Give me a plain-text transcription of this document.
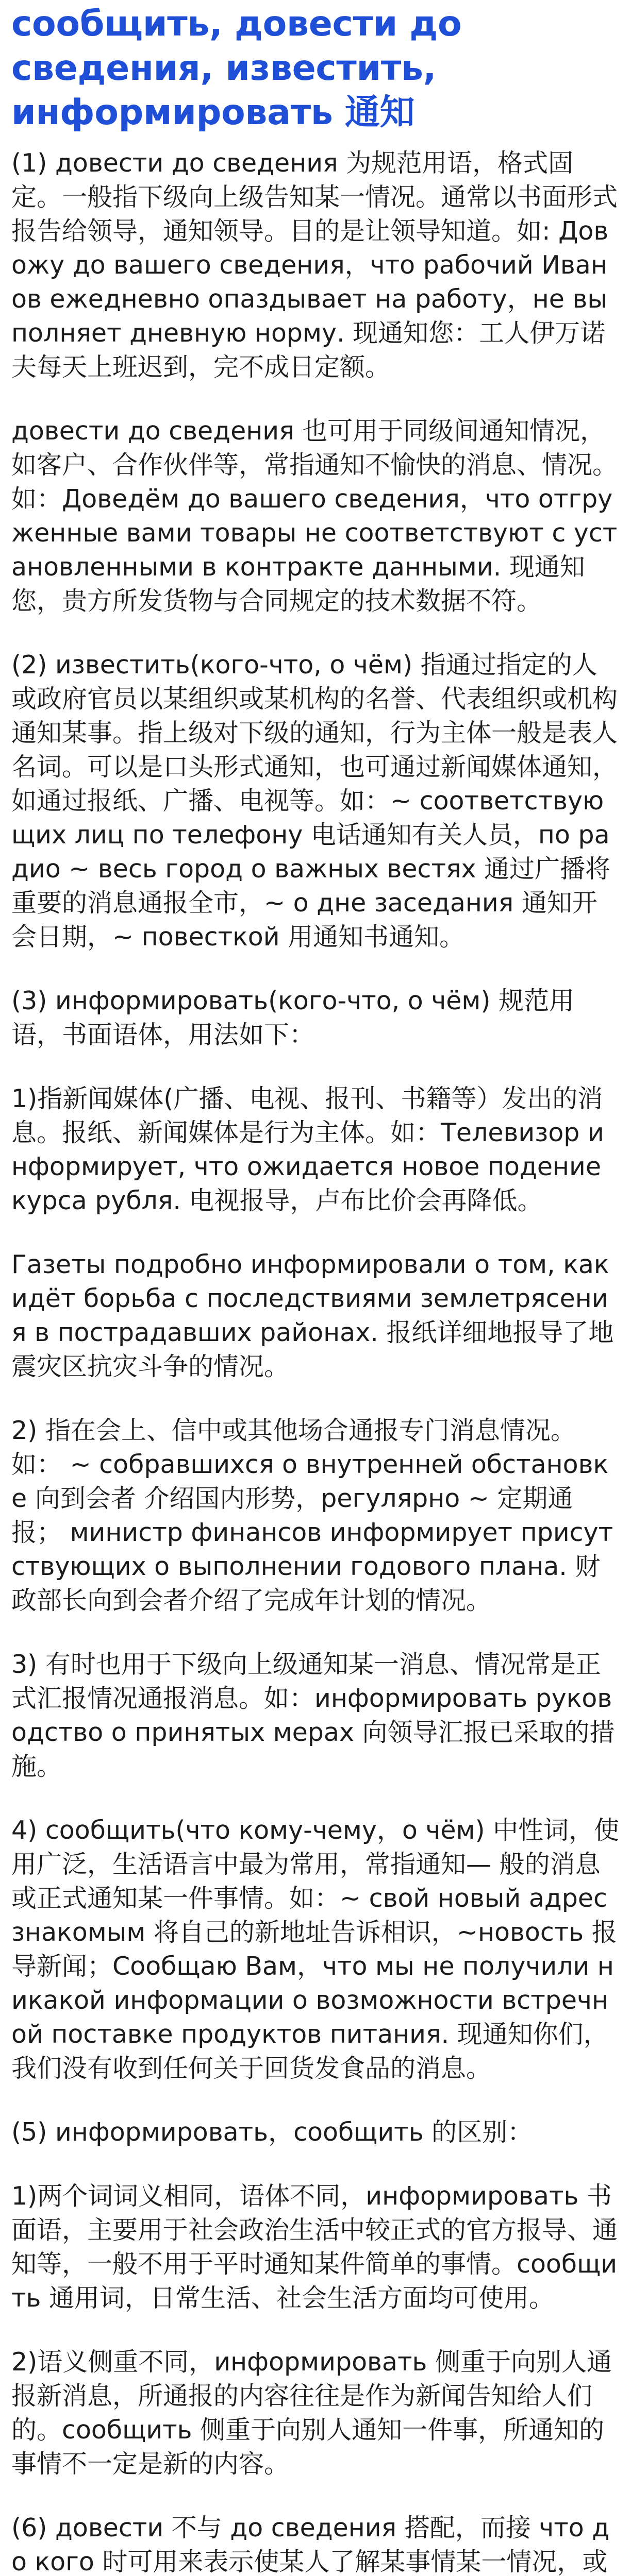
сообщить, довести до сведения, известить, информировать 通知

(1) довести до сведения 为规范用语，格式固定。一般指下级向上级告知某一情况。通常以书面形式报告给领导，通知领导。目的是让领导知道。如: Довожу до вашего сведения，что рабочий Иванов ежедневно опаздывает на работу，не выполняет дневную норму. 现通知您：工人伊万诺夫每天上班迟到，完不成日定额。

довести до сведения 也可用于同级间通知情况，如客户、合作伙伴等，常指通知不愉快的消息、情况。如：Доведём до вашего сведения，что отгруженные вами товары не соответствуют с установленными в контракте данными. 现通知您，贵方所发货物与合同规定的技术数据不符。

(2) известить(кого-что, о чём) 指通过指定的人或政府官员以某组织或某机构的名誉、代表组织或机构通知某事。指上级对下级的通知，行为主体一般是表人名词。可以是口头形式通知，也可通过新闻媒体通知，如通过报纸、广播、电视等。如：~ соответствующих лиц по телефону 电话通知有关人员，по радио ~ весь город о важных вестях 通过广播将重要的消息通报全市，~ о дне заседания 通知开会日期，~ повесткой 用通知书通知。

(3) информировать(кого-что, о чём) 规范用语，书面语体，用法如下：

1)指新闻媒体(广播、电视、报刊、书籍等）发出的消息。报纸、新闻媒体是行为主体。如：Телевизор информирует, что ожидается новое подение курса рубля. 电视报导，卢布比价会再降低。

Газеты подробно информировали о том, как идёт борьба с последствиями землетрясения в пострадавших районах. 报纸详细地报导了地震灾区抗灾斗争的情况。

2) 指在会上、信中或其他场合通报专门消息情况。如： ~ собравшихся о внутренней обстановке 向到会者 介绍国内形势，регулярно ~ 定期通报； министр финансов информирует присутствующих о выполнении годового плана. 财政部长向到会者介绍了完成年计划的情况。

3) 有时也用于下级向上级通知某一消息、情况常是正式汇报情况通报消息。如：информировать руководство о принятых мерах 向领导汇报已采取的措施。

4) сообщить(что кому-чему，о чём) 中性词，使用广泛，生活语言中最为常用，常指通知— 般的消息或正式通知某一件事情。如：~ свой новый адрес знакомым 将自己的新地址告诉相识，~новость 报导新闻；Сообщаю Вам，что мы не получили никакой информации о возможности встречной поставке продуктов питания. 现通知你们，我们没有收到任何关于回货发食品的消息。

(5) информировать，сообщить 的区别：

1)两个词词义相同，语体不同，информировать 书面语，主要用于社会政治生活中较正式的官方报导、通知等，一般不用于平时通知某件简单的事情。сообщить 通用词，日常生活、社会生活方面均可使用。

2)语义侧重不同，информировать 侧重于向别人通报新消息，所通报的内容往往是作为新闻告知给人们的。сообщить 侧重于向别人通知一件事，所通知的事情不一定是新的内容。

(6) довести 不与 до сведения 搭配，而接 что до кого 时可用来表示使某人了解某事情某一情况，或
